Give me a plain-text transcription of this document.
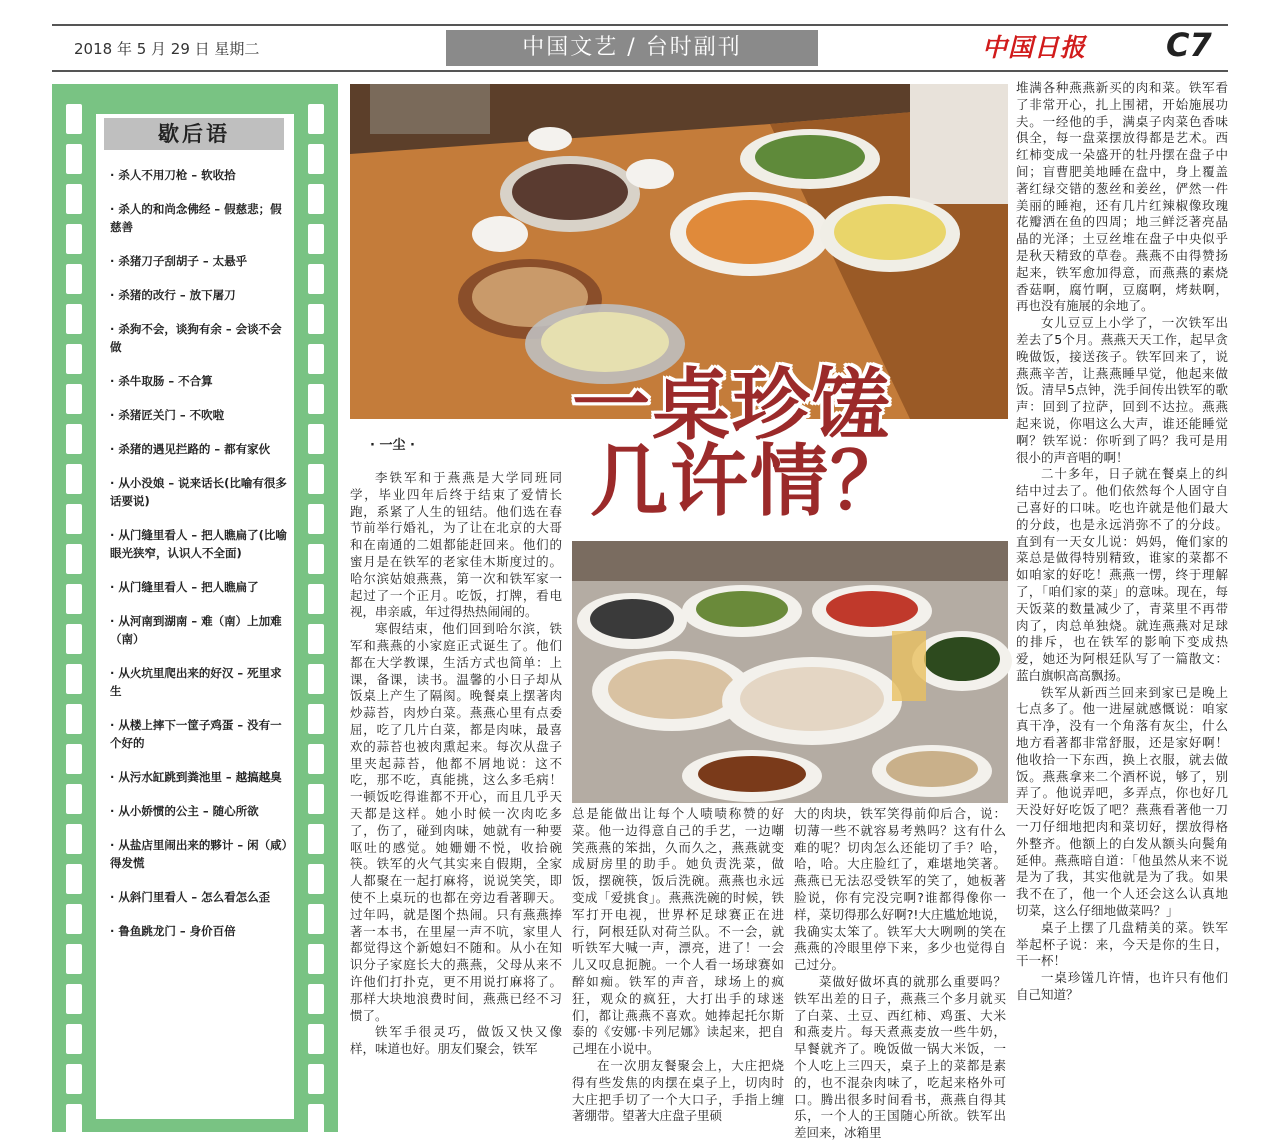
2018 年 5 月 29 日 星期二	中国文艺 / 台时副刊	中国日报 C7
歇后语
· 杀人不用刀枪 – 软收拾
· 杀人的和尚念佛经 – 假慈悲；假慈善
· 杀猪刀子刮胡子 – 太悬乎
· 杀猪的改行 – 放下屠刀
· 杀狗不会，谈狗有余 – 会谈不会做
· 杀牛取肠 – 不合算
· 杀猪匠关门 – 不吹啦
· 杀猪的遇见拦路的 – 都有家伙
· 从小没娘 – 说来话长(比喻有很多话要说)
· 从门缝里看人 – 把人瞧扁了(比喻眼光狭窄，认识人不全面)
· 从门缝里看人 – 把人瞧扁了
· 从河南到湖南 – 难（南）上加难（南）
· 从火坑里爬出来的好汉 – 死里求生
· 从楼上摔下一筐子鸡蛋 – 没有一个好的
· 从污水缸跳到粪池里 – 越搞越臭
· 从小娇惯的公主 – 随心所欲
· 从盐店里闹出来的夥计 – 闲（咸）得发慌
· 从斜门里看人 – 怎么看怎么歪
· 鲁鱼跳龙门 – 身价百倍
一桌珍馐
几许情？
· 一尘 ·

李铁军和于燕燕是大学同班同学，毕业四年后终于结束了爱情长跑，系紧了人生的钮结。他们选在春节前举行婚礼，为了让在北京的大哥和在南通的二姐都能赶回来。他们的蜜月是在铁军的老家佳木斯度过的。哈尔滨姑娘燕燕，第一次和铁军家一起过了一个正月。吃饭，打牌，看电视，串亲戚，年过得热热闹闹的。

寒假结束，他们回到哈尔滨，铁军和燕燕的小家庭正式诞生了。他们都在大学教课，生活方式也简单：上课，备课，读书。温馨的小日子却从饭桌上产生了隔阂。晚餐桌上摆著肉炒蒜苔，肉炒白菜。燕燕心里有点委屈，吃了几片白菜，都是肉味，最喜欢的蒜苔也被肉熏起来。每次从盘子里夹起蒜苔，他都不屑地说：这不吃，那不吃，真能挑，这么多毛病！一顿饭吃得谁都不开心，而且几乎天天都是这样。她小时候一次肉吃多了，伤了，碰到肉味，她就有一种要呕吐的感觉。她姗姗不悦，收拾碗筷。铁军的火气其实来自假期，全家人都聚在一起打麻将，说说笑笑，即使不上桌玩的也都在旁边看著聊天。过年吗，就是图个热闹。只有燕燕捧著一本书，在里屋一声不吭，家里人都觉得这个新媳妇不随和。从小在知识分子家庭长大的燕燕，父母从来不许他们打扑克，更不用说打麻将了。那样大块地浪费时间，燕燕已经不习惯了。

铁军手很灵巧，做饭又快又像样，味道也好。朋友们聚会，铁军

总是能做出让每个人啧啧称赞的好菜。他一边得意自己的手艺，一边嘲笑燕燕的笨拙，久而久之，燕燕就变成厨房里的助手。她负责洗菜，做饭，摆碗筷，饭后洗碗。燕燕也永远变成「爱挑食」。燕燕洗碗的时候，铁军打开电视，世界杯足球赛正在进行，阿根廷队对荷兰队。不一会，就听铁军大喊一声，漂亮，进了！一会儿又叹息扼腕。一个人看一场球赛如醉如痴。铁军的声音，球场上的疯狂，观众的疯狂，大打出手的球迷们，都让燕燕不喜欢。她捧起托尔斯泰的《安娜·卡列尼娜》读起来，把自己埋在小说中。

在一次朋友餐聚会上，大庄把烧得有些发焦的肉摆在桌子上，切肉时大庄把手切了一个大口子，手指上缠著绷带。望著大庄盘子里硕

大的肉块，铁军笑得前仰后合，说：切薄一些不就容易考熟吗？这有什么难的呢？切肉怎么还能切了手？哈，哈，哈。大庄脸红了，难堪地笑著。燕燕已无法忍受铁军的笑了，她板著脸说，你有完没完啊?谁都得像你一样，菜切得那么好啊?!大庄尴尬地说，我确实太笨了。铁军大大咧咧的笑在燕燕的冷眼里停下来，多少也觉得自己过分。

菜做好做坏真的就那么重要吗？铁军出差的日子，燕燕三个多月就买了白菜、土豆、西红柿、鸡蛋、大米和燕麦片。每天煮燕麦放一些牛奶，早餐就齐了。晚饭做一锅大米饭，一个人吃上三四天，桌子上的菜都是素的，也不混杂肉味了，吃起来格外可口。腾出很多时间看书，燕燕自得其乐，一个人的王国随心所欲。铁军出差回来，冰箱里

堆满各种燕燕新买的肉和菜。铁军看了非常开心，扎上围裙，开始施展功夫。一经他的手，满桌子肉菜色香味俱全，每一盘菜摆放得都是艺术。西红柿变成一朵盛开的牡丹摆在盘子中间；盲曹肥美地睡在盘中，身上覆盖著红绿交错的葱丝和姜丝，俨然一件美丽的睡袍，还有几片红辣椒像玫瑰花瓣洒在鱼的四周；地三鲜泛著亮晶晶的光泽；土豆丝堆在盘子中央似乎是秋天精致的草卷。燕燕不由得赞扬起来，铁军愈加得意，而燕燕的素烧香菇啊，腐竹啊，豆腐啊，烤麸啊，再也没有施展的余地了。

女儿豆豆上小学了，一次铁军出差去了5个月。燕燕天天工作，起早贪晚做饭，接送孩子。铁军回来了，说燕燕辛苦，让燕燕睡早觉，他起来做饭。清早5点钟，洗手间传出铁军的歌声：回到了拉萨，回到不达拉。燕燕起来说，你唱这么大声，谁还能睡觉啊？铁军说：你听到了吗？我可是用很小的声音唱的啊！

二十多年，日子就在餐桌上的纠结中过去了。他们依然每个人固守自己喜好的口味。吃也许就是他们最大的分歧，也是永远消弥不了的分歧。直到有一天女儿说：妈妈，俺们家的菜总是做得特别精致，谁家的菜都不如咱家的好吃！燕燕一愣，终于理解了，「咱们家的菜」的意味。现在，每天饭菜的数量减少了，青菜里不再带肉了，肉总单独烧。就连燕燕对足球的排斥，也在铁军的影响下变成热爱，她还为阿根廷队写了一篇散文：蓝白旗帜高高飘扬。

铁军从新西兰回来到家已是晚上七点多了。他一进屋就感慨说：咱家真干净，没有一个角落有灰尘，什么地方看著都非常舒服，还是家好啊！他收拾一下东西，换上衣服，就去做饭。燕燕拿来二个酒杯说，够了，别弄了。他说弄吧，多弄点，你也好几天没好好吃饭了吧？燕燕看著他一刀一刀仔细地把肉和菜切好，摆放得格外整齐。他额上的白发从额头向鬓角延伸。燕燕暗自道：「他虽然从来不说是为了我，其实他就是为了我。如果我不在了，他一个人还会这么认真地切菜，这么仔细地做菜吗？」

桌子上摆了几盘精美的菜。铁军举起杯子说：来，今天是你的生日，干一杯！

一桌珍馐几许情，也许只有他们自己知道？
